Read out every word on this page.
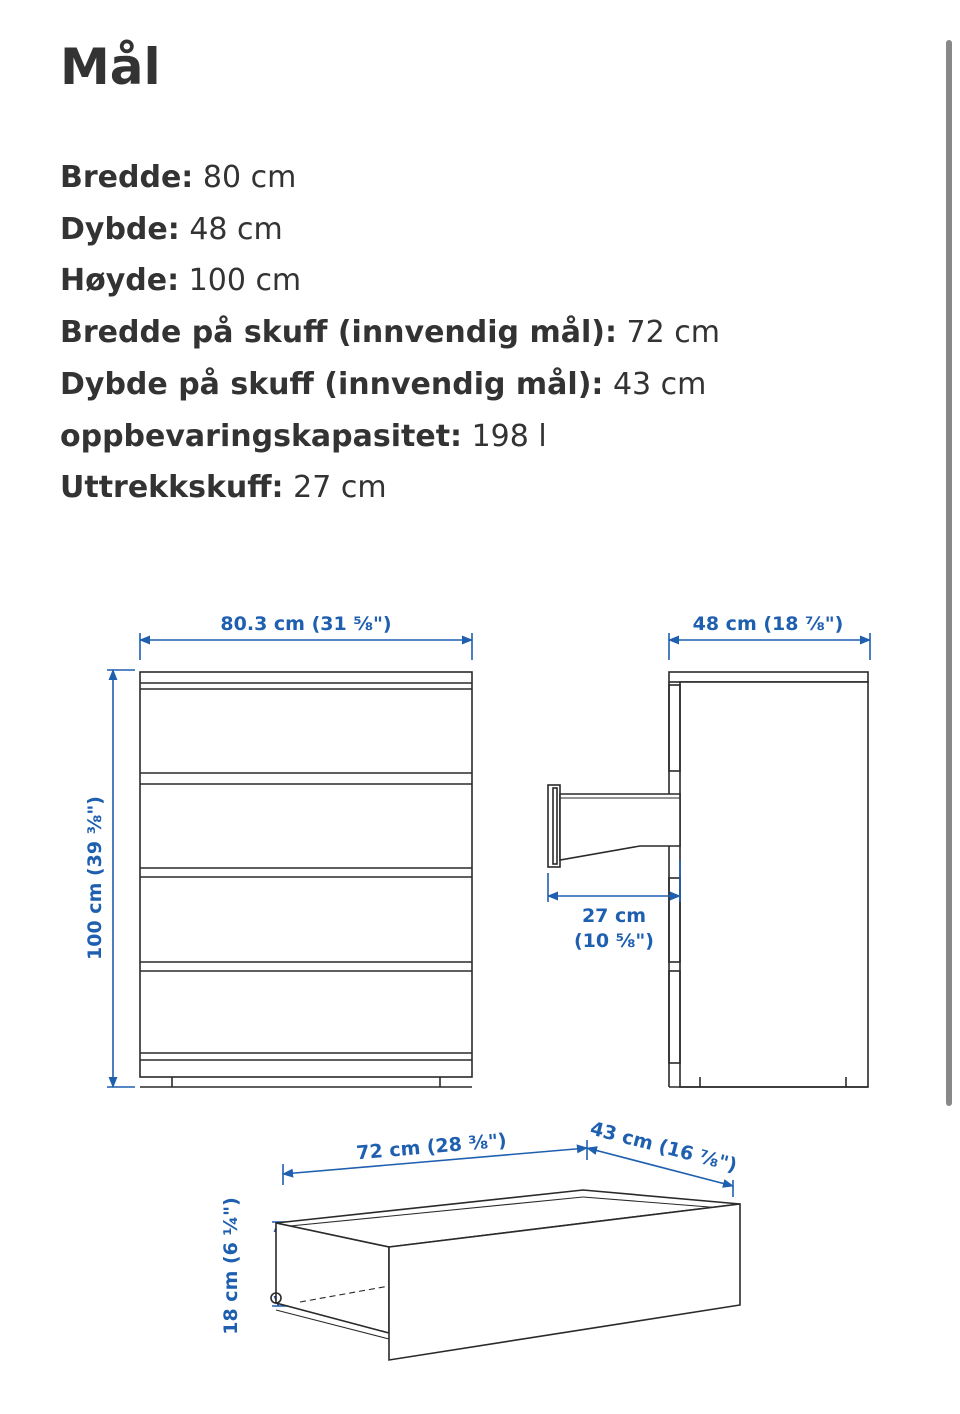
Mål
Bredde: 80 cm
Dybde: 48 cm
Høyde: 100 cm
Bredde på skuff (innvendig mål): 72 cm
Dybde på skuff (innvendig mål): 43 cm
oppbevaringskapasitet: 198 l
Uttrekkskuff: 27 cm
80.3 cm (31 ⅝")
100 cm (39 ⅜")
48 cm (18 ⅞")
27 cm
(10 ⅝")
72 cm (28 ⅜")	43 cm (16 ⅞")
18 cm (6 ¼")
